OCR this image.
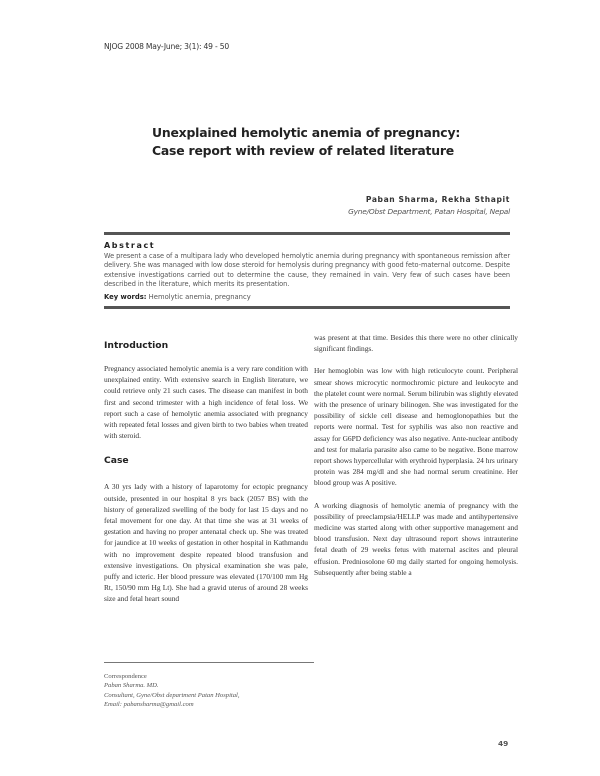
NJOG 2008 May-June; 3(1): 49 - 50
Unexplained hemolytic anemia of pregnancy:
Case report with review of related literature
Paban Sharma, Rekha Sthapit
Gyne/Obst Department, Patan Hospital, Nepal
Abstract
We present a case of a multipara lady who developed hemolytic anemia during pregnancy with spontaneous remission after delivery. She was managed with low dose steroid for hemolysis during pregnancy with good feto-maternal outcome. Despite extensive investigations carried out to determine the cause, they remained in vain. Very few of such cases have been described in the literature, which merits its presentation.
Key words: Hemolytic anemia, pregnancy
Introduction

Pregnancy associated hemolytic anemia is a very rare condition with unexplained entity. With extensive search in English literature, we could retrieve only 21 such cases. The disease can manifest in both first and second trimester with a high incidence of fetal loss. We report such a case of hemolytic anemia associated with pregnancy with repeated fetal losses and given birth to two babies when treated with steroid.

Case

A 30 yrs lady with a history of laparotomy for ectopic pregnancy outside, presented in our hospital 8 yrs back (2057 BS) with the history of generalized swelling of the body for last 15 days and no fetal movement for one day. At that time she was at 31 weeks of gestation and having no proper antenatal check up. She was treated for jaundice at 10 weeks of gestation in other hospital in Kathmandu with no improvement despite repeated blood transfusion and extensive investigations. On physical examination she was pale, puffy and icteric. Her blood pressure was elevated (170/100 mm Hg Rt, 150/90 mm Hg Lt). She had a gravid uterus of around 28 weeks size and fetal heart sound

was present at that time. Besides this there were no other clinically significant findings.

Her hemoglobin was low with high reticulocyte count. Peripheral smear shows microcytic normochromic picture and leukocyte and the platelet count were normal. Serum bilirubin was slightly elevated with the presence of urinary bilinogen. She was investigated for the possibility of sickle cell disease and hemoglonopathies but the reports were normal. Test for syphilis was also non reactive and assay for G6PD deficiency was also negative. Ante-nuclear antibody and test for malaria parasite also came to be negative. Bone marrow report shows hypercellular with erythroid hyperplasia. 24 hrs urinary protein was 284 mg/dl and she had normal serum creatinine. Her blood group was A positive.

A working diagnosis of hemolytic anemia of pregnancy with the possibility of preeclampsia/HELLP was made and antihypertensive medicine was started along with other supportive management and blood transfusion. Next day ultrasound report shows intrauterine fetal death of 29 weeks fetus with maternal ascites and pleural effusion. Predniosolone 60 mg daily started for ongoing hemolysis. Subsequently after being stable a

Correspondence
Paban Sharma. MD.
Consultant, Gyne/Obst department Patan Hospital,
Email: pabansharma@gmail.com
49
